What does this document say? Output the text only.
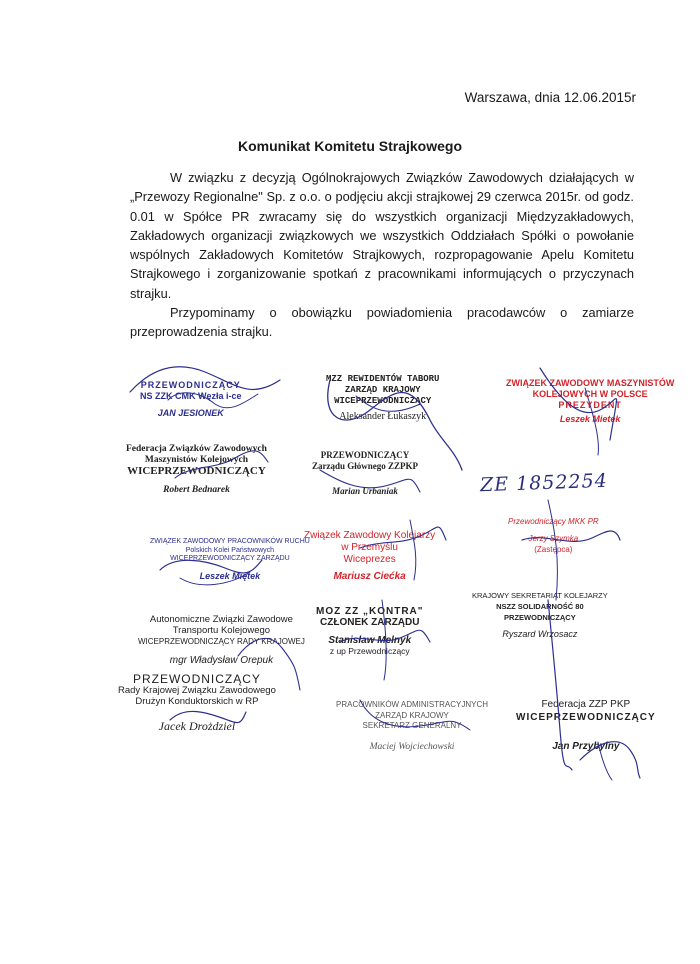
Warszawa, dnia 12.06.2015r
Komunikat Komitetu Strajkowego

W związku z decyzją Ogólnokrajowych Związków Zawodowych działających w „Przewozy Regionalne" Sp. z o.o. o podjęciu akcji strajkowej 29 czerwca 2015r. od godz. 0.01 w Spółce PR zwracamy się do wszystkich organizacji Międzyzakładowych, Zakładowych organizacji związkowych we wszystkich Oddziałach Spółki o powołanie wspólnych Zakładowych Komitetów Strajkowych, rozpropagowanie Apelu Komitetu Strajkowego i zorganizowanie spotkań z pracownikami informujących o przyczynach strajku.

Przypominamy o obowiązku powiadomienia pracodawców o zamiarze przeprowadzenia strajku.

PRZEWODNICZĄCY
NS ZZK CMK Węzła i-ce
JAN JESIONEK
MZZ REWIDENTÓW TABORU
ZARZĄD KRAJOWY
WICEPRZEWODNICZĄCY
Aleksander Łukaszyk
ZWIĄZEK ZAWODOWY MASZYNISTÓW
KOLEJOWYCH W POLSCE
PREZYDENT
Leszek Mietek
Federacja Związków Zawodowych
Maszynistów Kolejowych
WICEPRZEWODNICZĄCY
Robert Bednarek
PRZEWODNICZĄCY
Zarządu Głównego ZZPKP
Marian Urbaniak	ZE 1852254
ZWIĄZEK ZAWODOWY PRACOWNIKÓW RUCHU
Polskich Kolei Państwowych
WICEPRZEWODNICZĄCY ZARZĄDU
Leszek Miętek
Związek Zawodowy Kolejarzy
w Przemyślu
Wiceprezes
Mariusz Ciećka
Przewodniczący MKK PR
Jerzy Szymka
(Zastępca)
Autonomiczne Związki Zawodowe
Transportu Kolejowego
WICEPRZEWODNICZĄCY RADY KRAJOWEJ
mgr Władysław Orepuk
MOZ ZZ „KONTRA"
CZŁONEK ZARZĄDU
Stanisław Melnyk
z up Przewodniczący
KRAJOWY SEKRETARIAT KOLEJARZY
NSZZ SOLIDARNOŚĆ 80
PRZEWODNICZĄCY
Ryszard Wrzosacz
PRZEWODNICZĄCY
Rady Krajowej Związku Zawodowego
Drużyn Konduktorskich w RP
Jacek Drożdziel
PRACOWNIKÓW ADMINISTRACYJNYCH
ZARZĄD KRAJOWY
SEKRETARZ GENERALNY
Maciej Wojciechowski
Federacja ZZP PKP
WICEPRZEWODNICZĄCY
Jan Przybylny
